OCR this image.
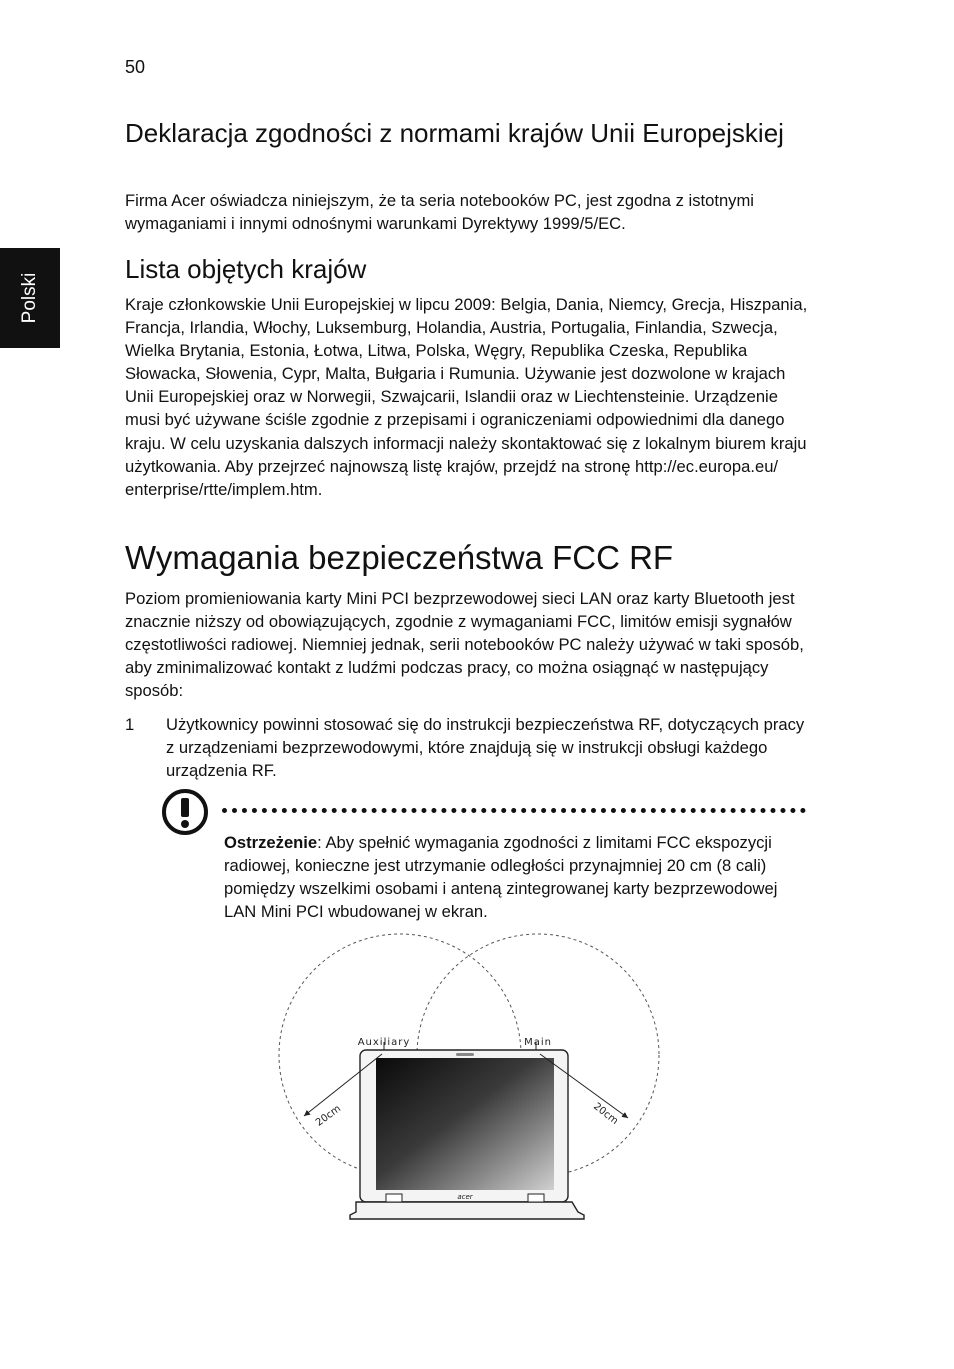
50
Polski
Deklaracja zgodności z normami krajów Unii Europejskiej

Firma Acer oświadcza niniejszym, że ta seria notebooków PC, jest zgodna z istotnymi wymaganiami i innymi odnośnymi warunkami Dyrektywy 1999/5/EC.

Lista objętych krajów

Kraje członkowskie Unii Europejskiej w lipcu 2009: Belgia, Dania, Niemcy, Grecja, Hiszpania, Francja, Irlandia, Włochy, Luksemburg, Holandia, Austria, Portugalia, Finlandia, Szwecja, Wielka Brytania, Estonia, Łotwa, Litwa, Polska, Węgry, Republika Czeska, Republika Słowacka, Słowenia, Cypr, Malta, Bułgaria i Rumunia. Używanie jest dozwolone w krajach Unii Europejskiej oraz w Norwegii, Szwajcarii, Islandii oraz w Liechtensteinie. Urządzenie musi być używane ściśle zgodnie z przepisami i ograniczeniami odpowiednimi dla danego kraju. W celu uzyskania dalszych informacji należy skontaktować się z lokalnym biurem kraju użytkowania. Aby przejrzeć najnowszą listę krajów, przejdź na stronę http://ec.europa.eu/ enterprise/rtte/implem.htm.

Wymagania bezpieczeństwa FCC RF

Poziom promieniowania karty Mini PCI bezprzewodowej sieci LAN oraz karty Bluetooth jest znacznie niższy od obowiązujących, zgodnie z wymaganiami FCC, limitów emisji sygnałów częstotliwości radiowej. Niemniej jednak, serii notebooków PC należy używać w taki sposób, aby zminimalizować kontakt z ludźmi podczas pracy, co można osiągnąć w następujący sposób:

1 Użytkownicy powinni stosować się do instrukcji bezpieczeństwa RF, dotyczących pracy z urządzeniami bezprzewodowymi, które znajdują się w instrukcji obsługi każdego urządzenia RF.

Ostrzeżenie: Aby spełnić wymagania zgodności z limitami FCC ekspozycji radiowej, konieczne jest utrzymanie odległości przynajmniej 20 cm (8 cali) pomiędzy wszelkimi osobami i anteną zintegrowanej karty bezprzewodowej LAN Mini PCI wbudowanej w ekran.

acer
Auxiliary	Main
20cm	20cm
